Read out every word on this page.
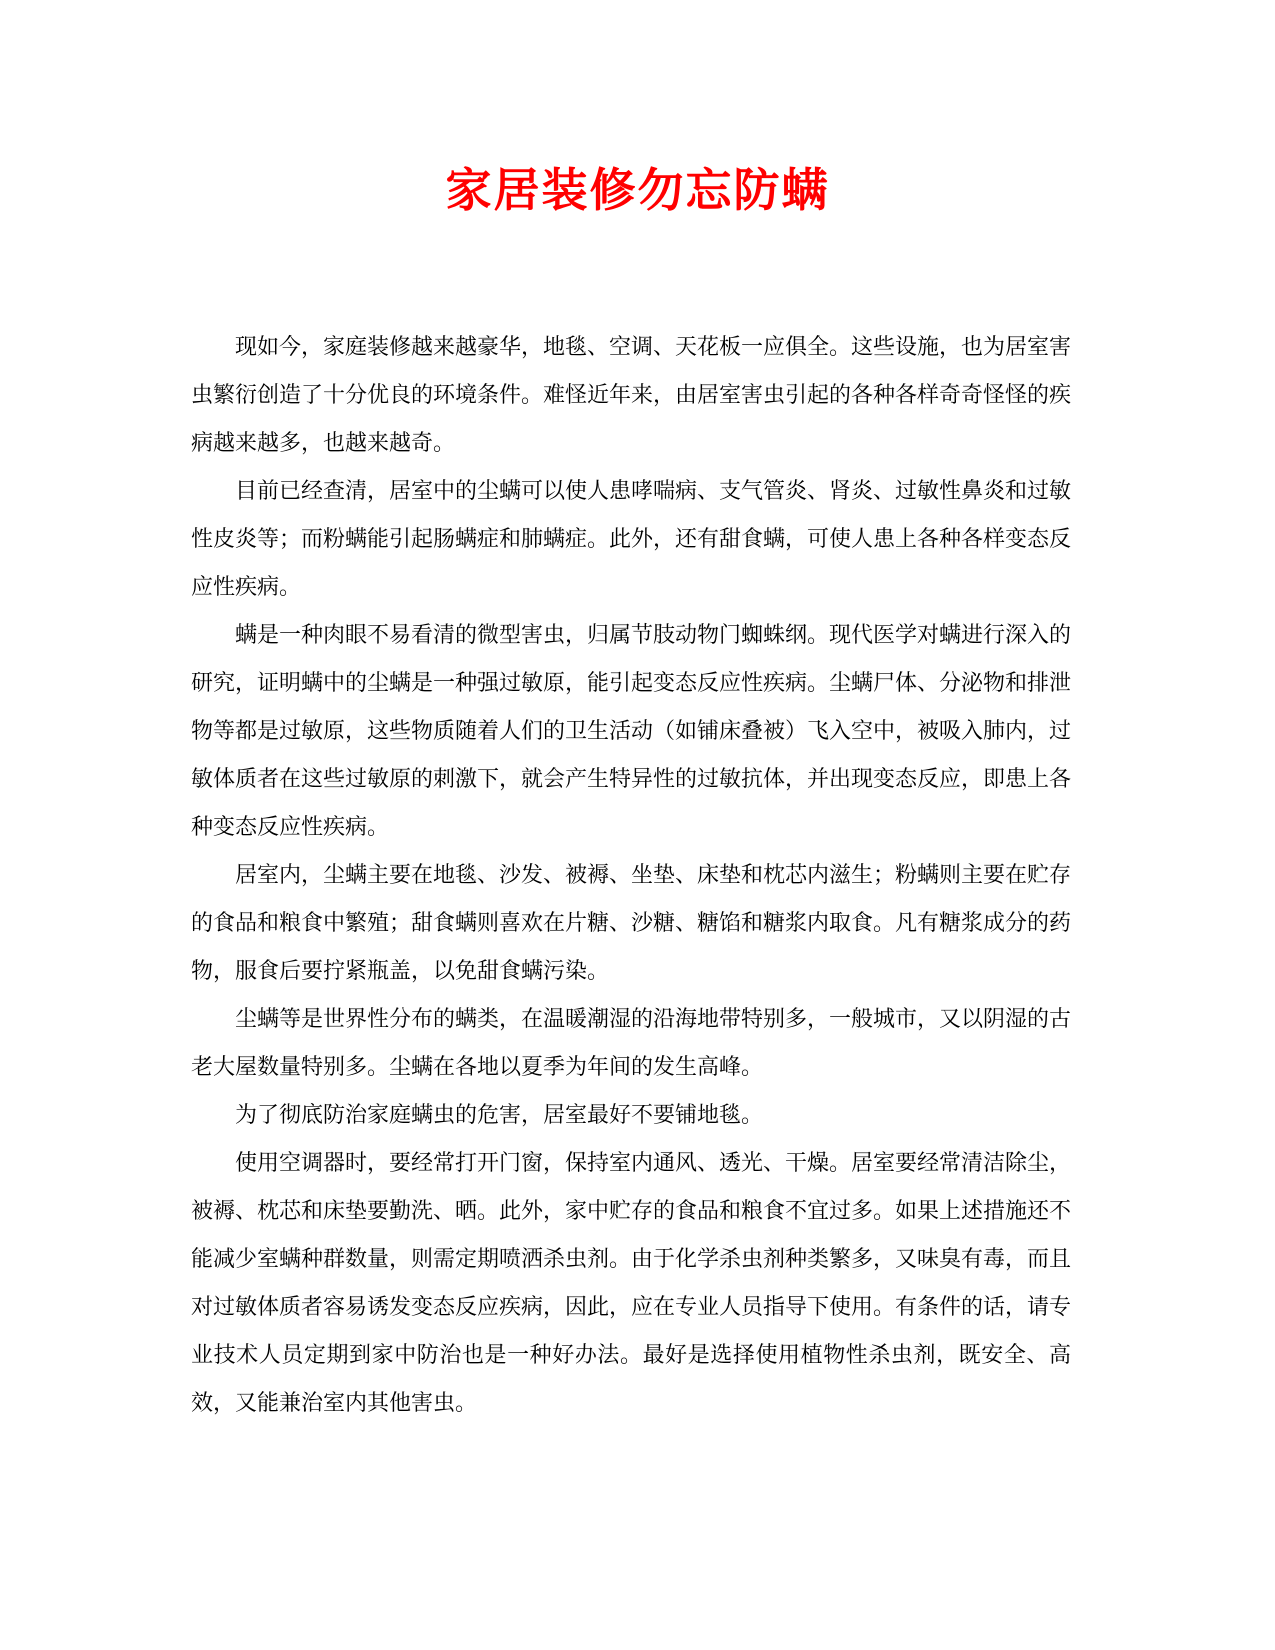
家居装修勿忘防螨

现如今，家庭装修越来越豪华，地毯、空调、天花板一应俱全。这些设施，也为居室害虫繁衍创造了十分优良的环境条件。难怪近年来，由居室害虫引起的各种各样奇奇怪怪的疾病越来越多，也越来越奇。

目前已经查清，居室中的尘螨可以使人患哮喘病、支气管炎、肾炎、过敏性鼻炎和过敏性皮炎等；而粉螨能引起肠螨症和肺螨症。此外，还有甜食螨，可使人患上各种各样变态反应性疾病。

螨是一种肉眼不易看清的微型害虫，归属节肢动物门蜘蛛纲。现代医学对螨进行深入的研究，证明螨中的尘螨是一种强过敏原，能引起变态反应性疾病。尘螨尸体、分泌物和排泄物等都是过敏原，这些物质随着人们的卫生活动（如铺床叠被）飞入空中，被吸入肺内，过敏体质者在这些过敏原的刺激下，就会产生特异性的过敏抗体，并出现变态反应，即患上各种变态反应性疾病。

居室内，尘螨主要在地毯、沙发、被褥、坐垫、床垫和枕芯内滋生；粉螨则主要在贮存的食品和粮食中繁殖；甜食螨则喜欢在片糖、沙糖、糖馅和糖浆内取食。凡有糖浆成分的药物，服食后要拧紧瓶盖，以免甜食螨污染。

尘螨等是世界性分布的螨类，在温暖潮湿的沿海地带特别多，一般城市，又以阴湿的古老大屋数量特别多。尘螨在各地以夏季为年间的发生高峰。

为了彻底防治家庭螨虫的危害，居室最好不要铺地毯。

使用空调器时，要经常打开门窗，保持室内通风、透光、干燥。居室要经常清洁除尘，被褥、枕芯和床垫要勤洗、晒。此外，家中贮存的食品和粮食不宜过多。如果上述措施还不能减少室螨种群数量，则需定期喷洒杀虫剂。由于化学杀虫剂种类繁多，又味臭有毒，而且对过敏体质者容易诱发变态反应疾病，因此，应在专业人员指导下使用。有条件的话，请专业技术人员定期到家中防治也是一种好办法。最好是选择使用植物性杀虫剂，既安全、高效，又能兼治室内其他害虫。
